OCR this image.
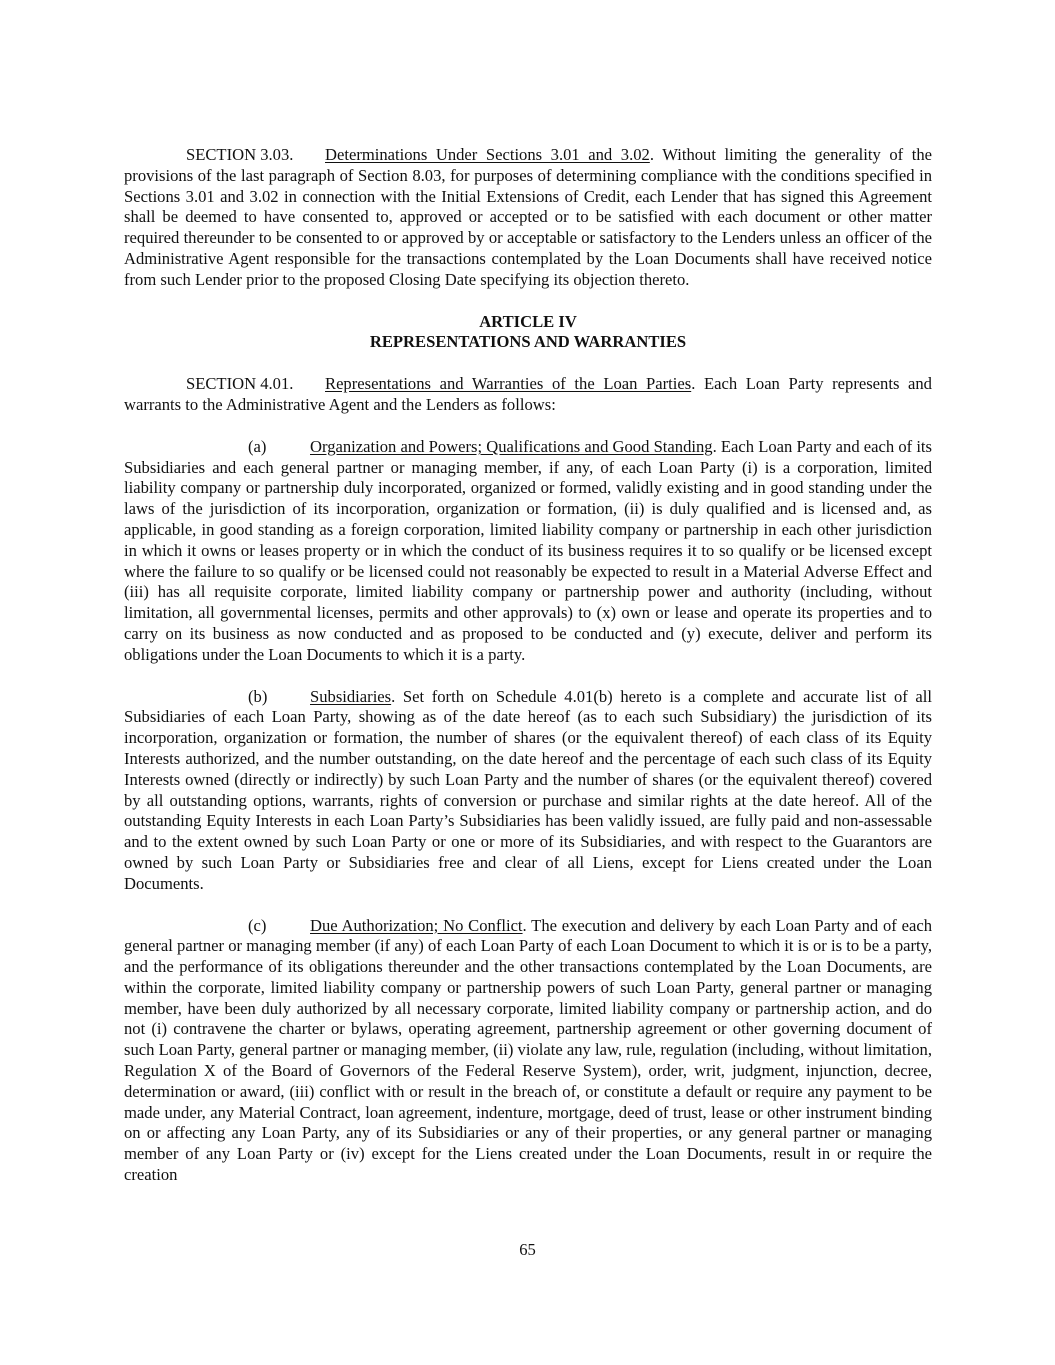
SECTION 3.03. Determinations Under Sections 3.01 and 3.02. Without limiting the generality of the provisions of the last paragraph of Section 8.03, for purposes of determining compliance with the conditions specified in Sections 3.01 and 3.02 in connection with the Initial Extensions of Credit, each Lender that has signed this Agreement shall be deemed to have consented to, approved or accepted or to be satisfied with each document or other matter required thereunder to be consented to or approved by or acceptable or satisfactory to the Lenders unless an officer of the Administrative Agent responsible for the transactions contemplated by the Loan Documents shall have received notice from such Lender prior to the proposed Closing Date specifying its objection thereto.

ARTICLE IV
REPRESENTATIONS AND WARRANTIES

SECTION 4.01. Representations and Warranties of the Loan Parties. Each Loan Party represents and warrants to the Administrative Agent and the Lenders as follows:

(a)	Organization and Powers; Qualifications and Good Standing. Each Loan Party and each of its Subsidiaries and each general partner or managing member, if any, of each Loan Party (i) is a corporation, limited liability company or partnership duly incorporated, organized or formed, validly existing and in good standing under the laws of the jurisdiction of its incorporation, organization or formation, (ii) is duly qualified and is licensed and, as applicable, in good standing as a foreign corporation, limited liability company or partnership in each other jurisdiction in which it owns or leases property or in which the conduct of its business requires it to so qualify or be licensed except where the failure to so qualify or be licensed could not reasonably be expected to result in a Material Adverse Effect and (iii) has all requisite corporate, limited liability company or partnership power and authority (including, without limitation, all governmental licenses, permits and other approvals) to (x) own or lease and operate its properties and to carry on its business as now conducted and as proposed to be conducted and (y) execute, deliver and perform its obligations under the Loan Documents to which it is a party.

(b)	Subsidiaries. Set forth on Schedule 4.01(b) hereto is a complete and accurate list of all Subsidiaries of each Loan Party, showing as of the date hereof (as to each such Subsidiary) the jurisdiction of its incorporation, organization or formation, the number of shares (or the equivalent thereof) of each class of its Equity Interests authorized, and the number outstanding, on the date hereof and the percentage of each such class of its Equity Interests owned (directly or indirectly) by such Loan Party and the number of shares (or the equivalent thereof) covered by all outstanding options, warrants, rights of conversion or purchase and similar rights at the date hereof. All of the outstanding Equity Interests in each Loan Party’s Subsidiaries has been validly issued, are fully paid and non-assessable and to the extent owned by such Loan Party or one or more of its Subsidiaries, and with respect to the Guarantors are owned by such Loan Party or Subsidiaries free and clear of all Liens, except for Liens created under the Loan Documents.

(c)	Due Authorization; No Conflict. The execution and delivery by each Loan Party and of each general partner or managing member (if any) of each Loan Party of each Loan Document to which it is or is to be a party, and the performance of its obligations thereunder and the other transactions contemplated by the Loan Documents, are within the corporate, limited liability company or partnership powers of such Loan Party, general partner or managing member, have been duly authorized by all necessary corporate, limited liability company or partnership action, and do not (i) contravene the charter or bylaws, operating agreement, partnership agreement or other governing document of such Loan Party, general partner or managing member, (ii) violate any law, rule, regulation (including, without limitation, Regulation X of the Board of Governors of the Federal Reserve System), order, writ, judgment, injunction, decree, determination or award, (iii) conflict with or result in the breach of, or constitute a default or require any payment to be made under, any Material Contract, loan agreement, indenture, mortgage, deed of trust, lease or other instrument binding on or affecting any Loan Party, any of its Subsidiaries or any of their properties, or any general partner or managing member of any Loan Party or (iv) except for the Liens created under the Loan Documents, result in or require the creation

65
